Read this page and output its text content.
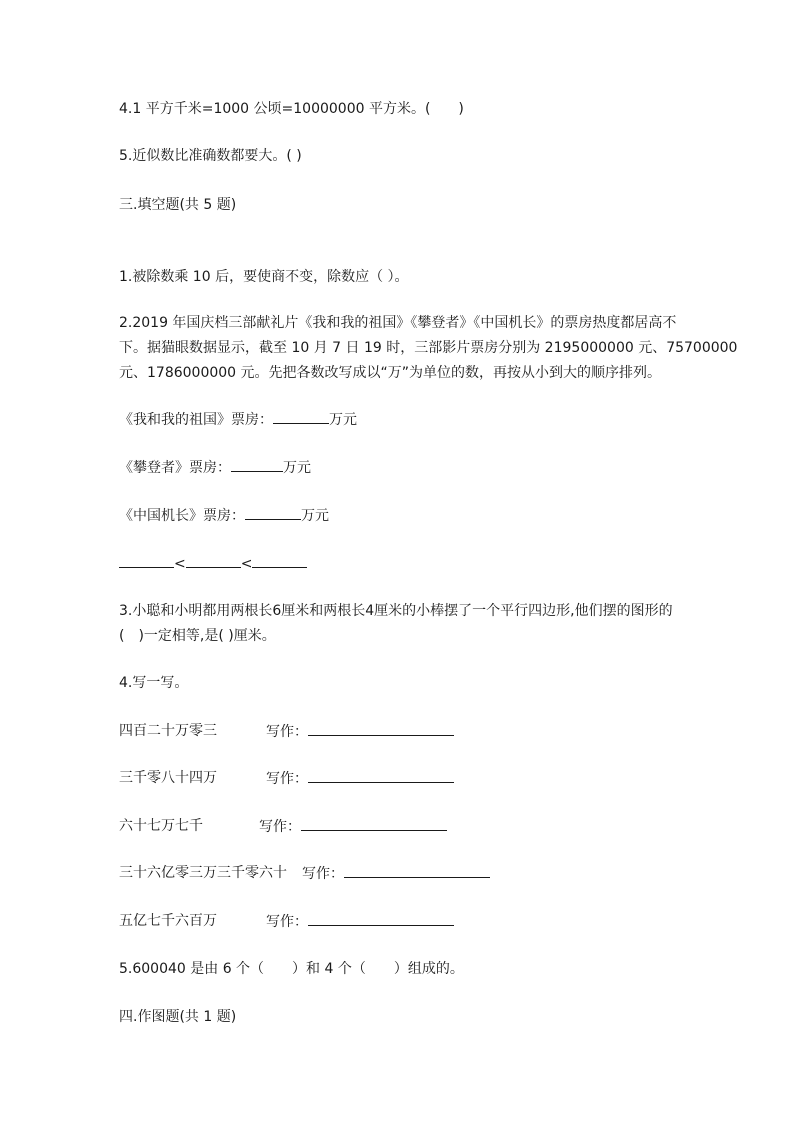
4.1 平方千米=1000 公顷=10000000 平方米。(　　)
5.近似数比准确数都要大。( )
三.填空题(共 5 题)
1.被除数乘 10 后，要使商不变，除数应（ ）。
2.2019 年国庆档三部献礼片《我和我的祖国》《攀登者》《中国机长》的票房热度都居高不
下。据猫眼数据显示，截至 10 月 7 日 19 时，三部影片票房分别为 2195000000 元、75700000
元、1786000000 元。先把各数改写成以“万”为单位的数，再按从小到大的顺序排列。
《我和我的祖国》票房：	万元
《攀登者》票房：	万元
《中国机长》票房：	万元
<	<
3.小聪和小明都用两根长6厘米和两根长4厘米的小棒摆了一个平行四边形,他们摆的图形的
(　)一定相等,是( )厘米。
4.写一写。
四百二十万零三	写作：
三千零八十四万	写作：
六十七万七千	写作：
三十六亿零三万三千零六十 写作：
五亿七千六百万	写作：
5.600040 是由 6 个（　　）和 4 个（　　）组成的。
四.作图题(共 1 题)
